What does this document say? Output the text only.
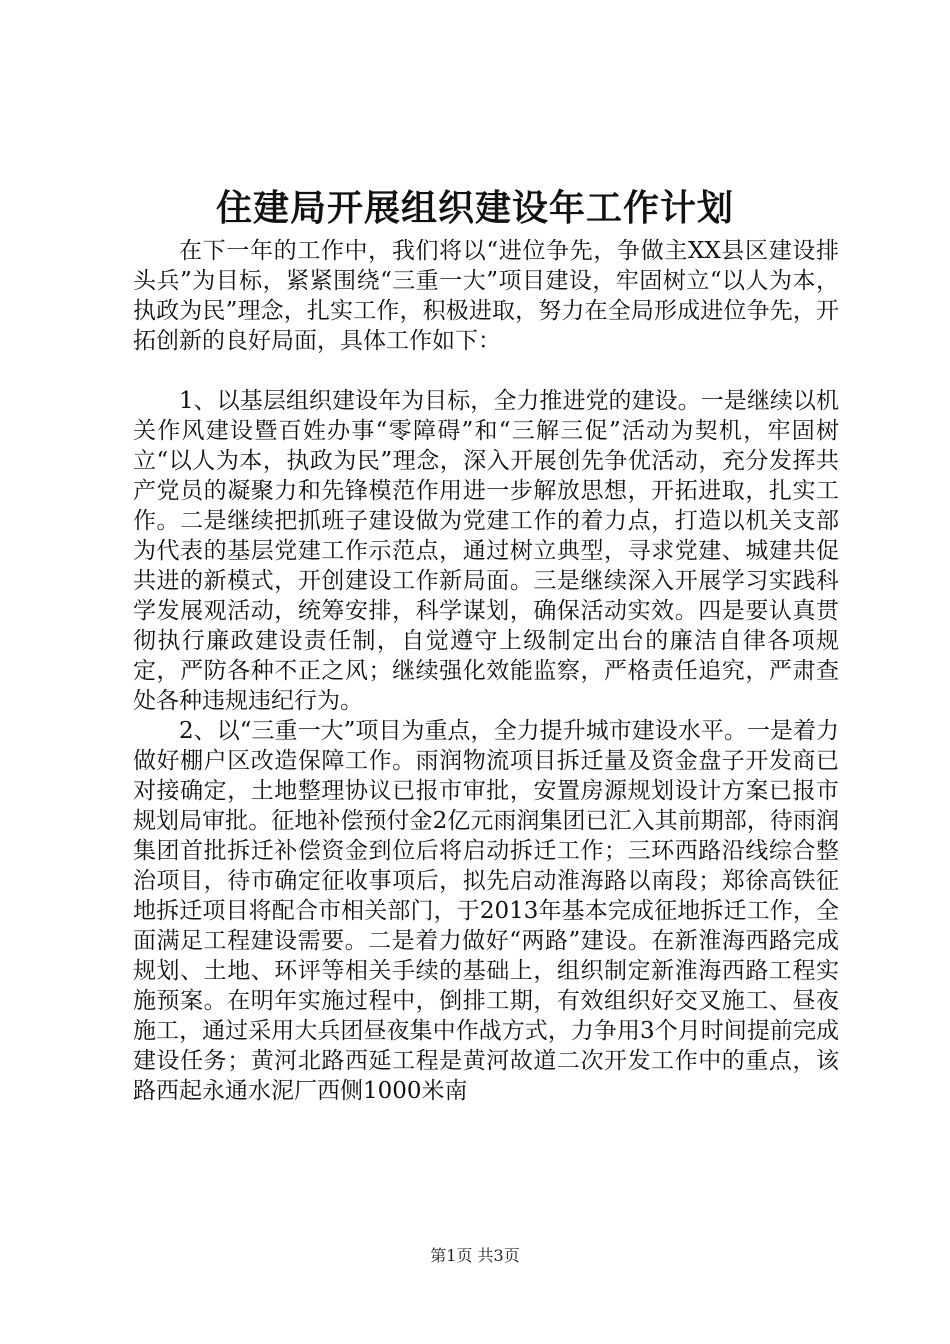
住建局开展组织建设年工作计划

在下一年的工作中，我们将以“进位争先，争做主XX县区建设排头兵”为目标，紧紧围绕“三重一大”项目建设，牢固树立“以人为本，执政为民”理念，扎实工作，积极进取，努力在全局形成进位争先，开拓创新的良好局面，具体工作如下：

1、以基层组织建设年为目标，全力推进党的建设。一是继续以机关作风建设暨百姓办事“零障碍”和“三解三促”活动为契机，牢固树立“以人为本，执政为民”理念，深入开展创先争优活动，充分发挥共产党员的凝聚力和先锋模范作用进一步解放思想，开拓进取，扎实工作。二是继续把抓班子建设做为党建工作的着力点，打造以机关支部为代表的基层党建工作示范点，通过树立典型，寻求党建、城建共促共进的新模式，开创建设工作新局面。三是继续深入开展学习实践科学发展观活动，统筹安排，科学谋划，确保活动实效。四是要认真贯彻执行廉政建设责任制，自觉遵守上级制定出台的廉洁自律各项规定，严防各种不正之风；继续强化效能监察，严格责任追究，严肃查处各种违规违纪行为。

2、以“三重一大”项目为重点，全力提升城市建设水平。一是着力做好棚户区改造保障工作。雨润物流项目拆迁量及资金盘子开发商已对接确定，土地整理协议已报市审批，安置房源规划设计方案已报市规划局审批。征地补偿预付金2亿元雨润集团已汇入其前期部，待雨润集团首批拆迁补偿资金到位后将启动拆迁工作；三环西路沿线综合整治项目，待市确定征收事项后，拟先启动淮海路以南段；郑徐高铁征地拆迁项目将配合市相关部门，于2013年基本完成征地拆迁工作，全面满足工程建设需要。二是着力做好“两路”建设。在新淮海西路完成规划、土地、环评等相关手续的基础上，组织制定新淮海西路工程实施预案。在明年实施过程中，倒排工期，有效组织好交叉施工、昼夜施工，通过采用大兵团昼夜集中作战方式，力争用3个月时间提前完成建设任务；黄河北路西延工程是黄河故道二次开发工作中的重点，该路西起永通水泥厂西侧1000米南

第1页 共3页
